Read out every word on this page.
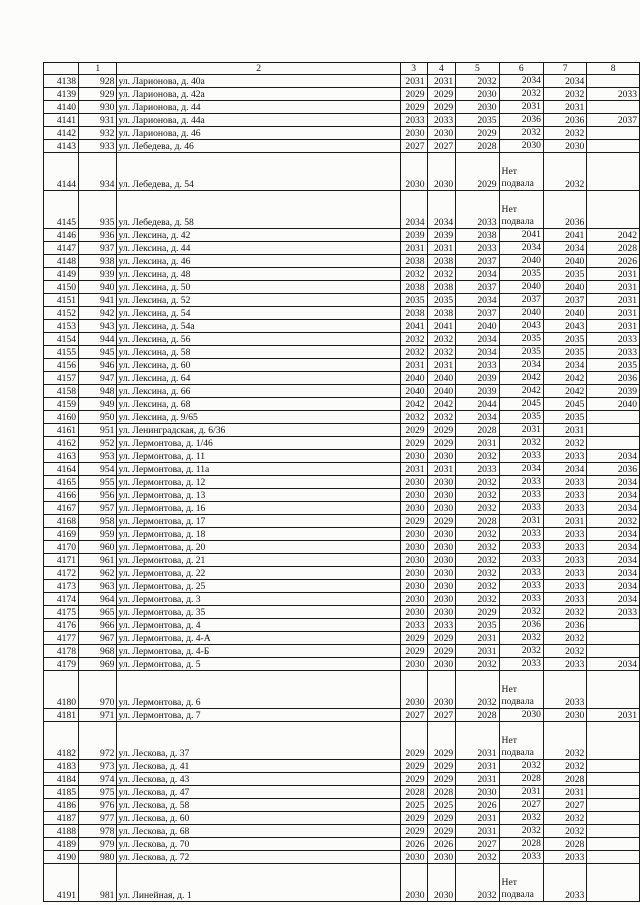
	1	2	3	4	5	6	7	8
4138	928	ул. Ларионова, д. 40а	2031	2031	2032	2034	2034	
4139	929	ул. Ларионова, д. 42а	2029	2029	2030	2032	2032	2033
4140	930	ул. Ларионова, д. 44	2029	2029	2030	2031	2031	
4141	931	ул. Ларионова, д. 44а	2033	2033	2035	2036	2036	2037
4142	932	ул. Ларионова, д. 46	2030	2030	2029	2032	2032	
4143	933	ул. Лебедева, д. 46	2027	2027	2028	2030	2030	
4144	934	ул. Лебедева, д. 54	2030	2030	2029	Нет подвала	2032	
4145	935	ул. Лебедева, д. 58	2034	2034	2033	Нет подвала	2036	
4146	936	ул. Лексина, д. 42	2039	2039	2038	2041	2041	2042
4147	937	ул. Лексина, д. 44	2031	2031	2033	2034	2034	2028
4148	938	ул. Лексина, д. 46	2038	2038	2037	2040	2040	2026
4149	939	ул. Лексина, д. 48	2032	2032	2034	2035	2035	2031
4150	940	ул. Лексина, д. 50	2038	2038	2037	2040	2040	2031
4151	941	ул. Лексина, д. 52	2035	2035	2034	2037	2037	2031
4152	942	ул. Лексина, д. 54	2038	2038	2037	2040	2040	2031
4153	943	ул. Лексина, д. 54а	2041	2041	2040	2043	2043	2031
4154	944	ул. Лексина, д. 56	2032	2032	2034	2035	2035	2033
4155	945	ул. Лексина, д. 58	2032	2032	2034	2035	2035	2033
4156	946	ул. Лексина, д. 60	2031	2031	2033	2034	2034	2035
4157	947	ул. Лексина, д. 64	2040	2040	2039	2042	2042	2036
4158	948	ул. Лексина, д. 66	2040	2040	2039	2042	2042	2039
4159	949	ул. Лексина, д. 68	2042	2042	2044	2045	2045	2040
4160	950	ул. Лексина, д. 9/65	2032	2032	2034	2035	2035	
4161	951	ул. Ленинградская, д. 6/36	2029	2029	2028	2031	2031	
4162	952	ул. Лермонтова, д. 1/46	2029	2029	2031	2032	2032	
4163	953	ул. Лермонтова, д. 11	2030	2030	2032	2033	2033	2034
4164	954	ул. Лермонтова, д. 11а	2031	2031	2033	2034	2034	2036
4165	955	ул. Лермонтова, д. 12	2030	2030	2032	2033	2033	2034
4166	956	ул. Лермонтова, д. 13	2030	2030	2032	2033	2033	2034
4167	957	ул. Лермонтова, д. 16	2030	2030	2032	2033	2033	2034
4168	958	ул. Лермонтова, д. 17	2029	2029	2028	2031	2031	2032
4169	959	ул. Лермонтова, д. 18	2030	2030	2032	2033	2033	2034
4170	960	ул. Лермонтова, д. 20	2030	2030	2032	2033	2033	2034
4171	961	ул. Лермонтова, д. 21	2030	2030	2032	2033	2033	2034
4172	962	ул. Лермонтова, д. 22	2030	2030	2032	2033	2033	2034
4173	963	ул. Лермонтова, д. 25	2030	2030	2032	2033	2033	2034
4174	964	ул. Лермонтова, д. 3	2030	2030	2032	2033	2033	2034
4175	965	ул. Лермонтова, д. 35	2030	2030	2029	2032	2032	2033
4176	966	ул. Лермонтова, д. 4	2033	2033	2035	2036	2036	
4177	967	ул. Лермонтова, д. 4-А	2029	2029	2031	2032	2032	
4178	968	ул. Лермонтова, д. 4-Б	2029	2029	2031	2032	2032	
4179	969	ул. Лермонтова, д. 5	2030	2030	2032	2033	2033	2034
4180	970	ул. Лермонтова, д. 6	2030	2030	2032	Нет подвала	2033	
4181	971	ул. Лермонтова, д. 7	2027	2027	2028	2030	2030	2031
4182	972	ул. Лескова, д. 37	2029	2029	2031	Нет подвала	2032	
4183	973	ул. Лескова, д. 41	2029	2029	2031	2032	2032	
4184	974	ул. Лескова, д. 43	2029	2029	2031	2028	2028	
4185	975	ул. Лескова, д. 47	2028	2028	2030	2031	2031	
4186	976	ул. Лескова, д. 58	2025	2025	2026	2027	2027	
4187	977	ул. Лескова, д. 60	2029	2029	2031	2032	2032	
4188	978	ул. Лескова, д. 68	2029	2029	2031	2032	2032	
4189	979	ул. Лескова, д. 70	2026	2026	2027	2028	2028	
4190	980	ул. Лескова, д. 72	2030	2030	2032	2033	2033	
4191	981	ул. Линейная, д. 1	2030	2030	2032	Нет подвала	2033	
